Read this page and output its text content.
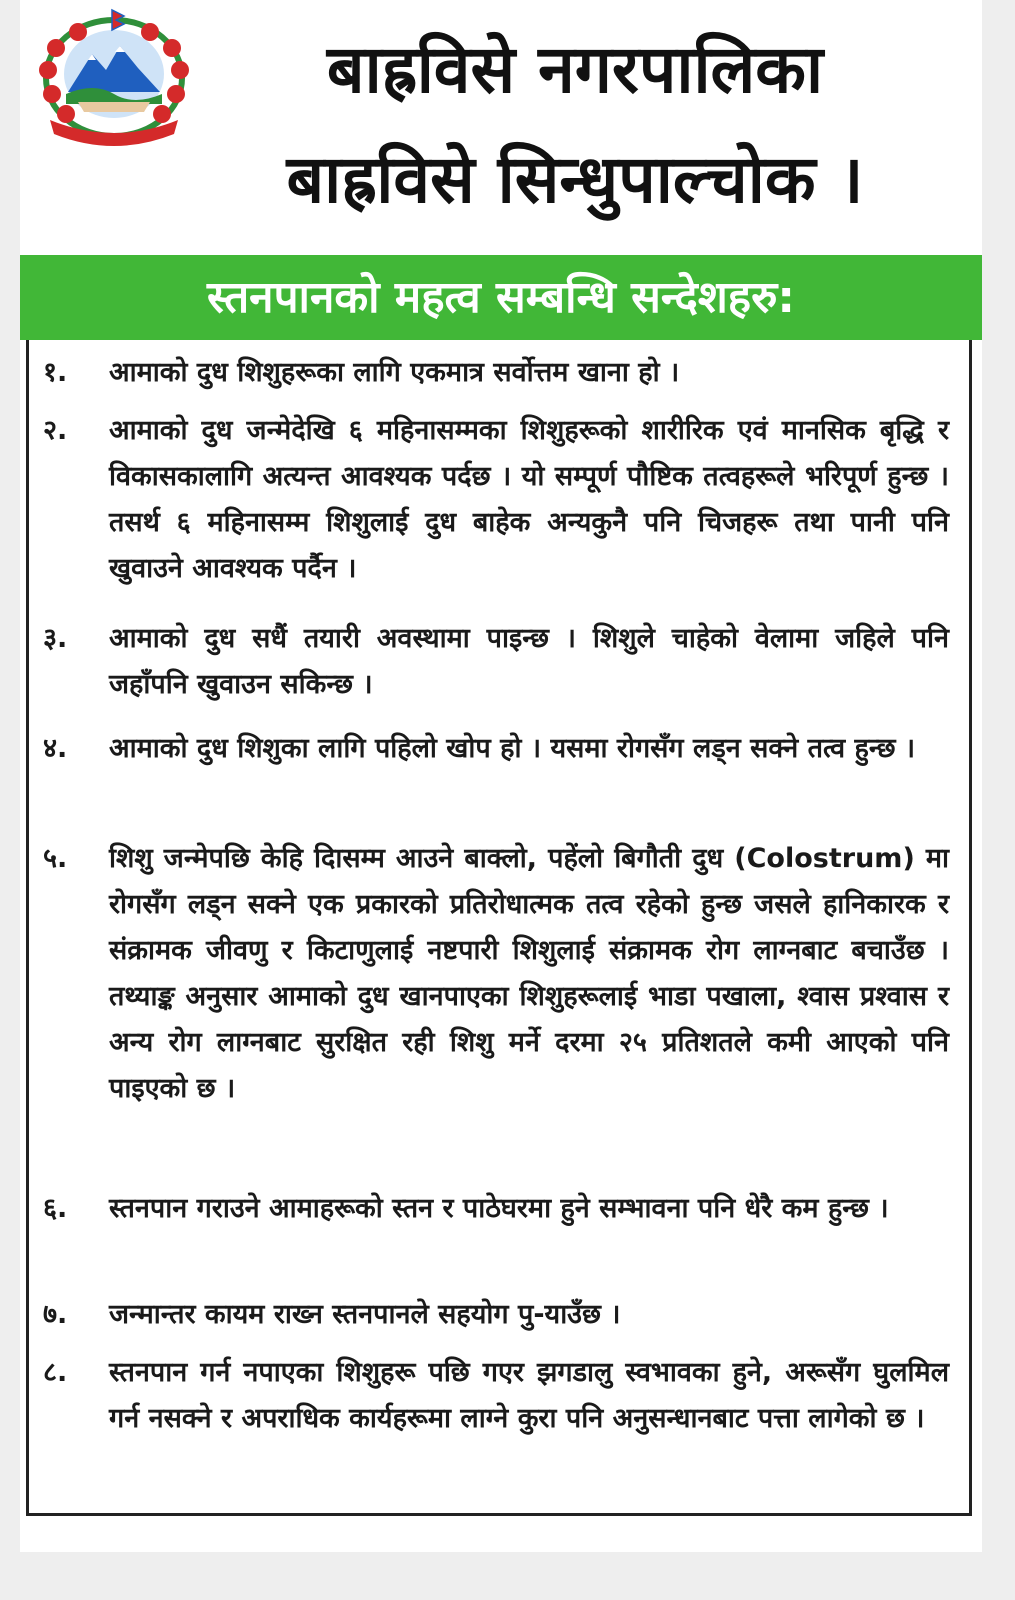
बाह्रविसे नगरपालिका
बाह्रविसे सिन्धुपाल्चोक ।
स्तनपानको महत्व सम्बन्धि सन्देशहरु:
१.	आमाको दुध शिशुहरूका लागि एकमात्र सर्वोत्तम खाना हो ।
२.	आमाको दुध जन्मेदेखि ६ महिनासम्मका शिशुहरूको शारीरिक एवं मानसिक बृद्धि र विकासकालागि अत्यन्त आवश्यक पर्दछ । यो सम्पूर्ण पौष्टिक तत्वहरूले भरिपूर्ण हुन्छ । तसर्थ ६ महिनासम्म शिशुलाई दुध बाहेक अन्यकुनै पनि चिजहरू तथा पानी पनि खुवाउने आवश्यक पर्दैन ।
३.	आमाको दुध सधैं तयारी अवस्थामा पाइन्छ । शिशुले चाहेको वेलामा जहिले पनि जहाँपनि खुवाउन सकिन्छ ।
४.	आमाको दुध शिशुका लागि पहिलो खोप हो । यसमा रोगसँग लड्न सक्ने तत्व हुन्छ ।
५.	शिशु जन्मेपछि केहि दिासम्म आउने बाक्लो, पहेंलो बिगौती दुध (Colostrum) मा रोगसँग लड्न सक्ने एक प्रकारको प्रतिरोधात्मक तत्व रहेको हुन्छ जसले हानिकारक र संक्रामक जीवणु र किटाणुलाई नष्टपारी शिशुलाई संक्रामक रोग लाग्नबाट बचाउँछ । तथ्याङ्क अनुसार आमाको दुध खानपाएका शिशुहरूलाई भाडा पखाला, श्वास प्रश्वास र अन्य रोग लाग्नबाट सुरक्षित रही शिशु मर्ने दरमा २५ प्रतिशतले कमी आएको पनि पाइएको छ ।
६.	स्तनपान गराउने आमाहरूको स्तन र पाठेघरमा हुने सम्भावना पनि धेरै कम हुन्छ ।
७.	जन्मान्तर कायम राख्न स्तनपानले सहयोग पु-याउँछ ।
८.	स्तनपान गर्न नपाएका शिशुहरू पछि गएर झगडालु स्वभावका हुने, अरूसँग घुलमिल गर्न नसक्ने र अपराधिक कार्यहरूमा लाग्ने कुरा पनि अनुसन्धानबाट पत्ता लागेको छ ।
